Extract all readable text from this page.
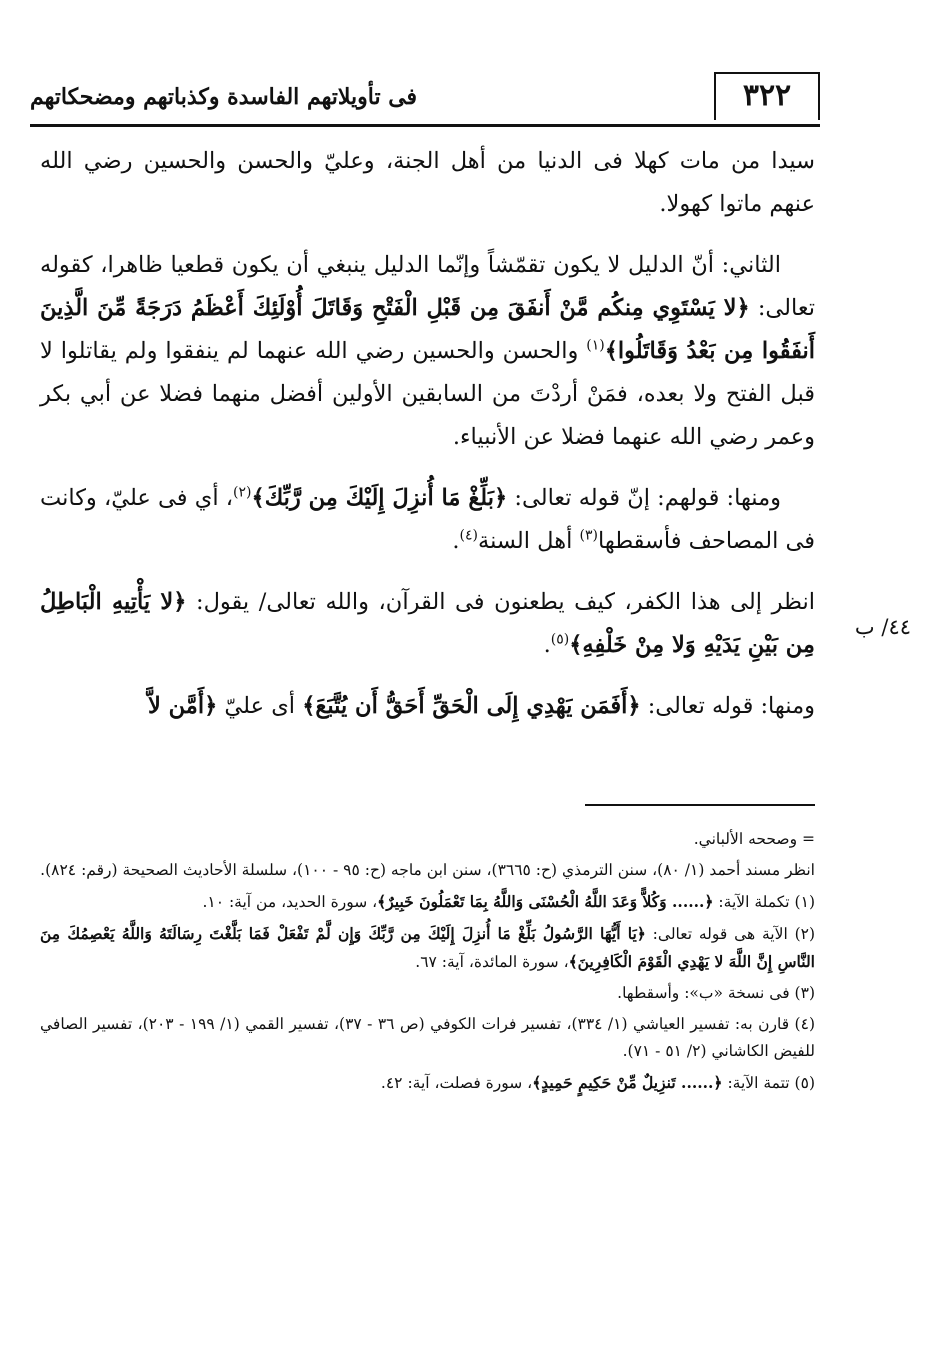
٣٢٢
فى تأويلاتهم الفاسدة وكذباتهم ومضحكاتهم

سيدا من مات كهلا فى الدنيا من أهل الجنة، وعليّ والحسن والحسين رضي الله عنهم ماتوا كهولا.

الثاني: أنّ الدليل لا يكون تقمّشاً وإنّما الدليل ينبغي أن يكون قطعيا ظاهرا، كقوله تعالى: ﴿لا يَسْتَوِي مِنكُم مَّنْ أَنفَقَ مِن قَبْلِ الْفَتْحِ وَقَاتَلَ أُوْلَئِكَ أَعْظَمُ دَرَجَةً مِّنَ الَّذِينَ أَنفَقُوا مِن بَعْدُ وَقَاتَلُوا﴾$^{(١)}$ والحسن والحسين رضي الله عنهما لم ينفقوا ولم يقاتلوا لا قبل الفتح ولا بعده، فمَنْ أردْتَ من السابقين الأولين أفضل منهما فضلا عن أبي بكر وعمر رضي الله عنهما فضلا عن الأنبياء.

ومنها: قولهم: إنّ قوله تعالى: ﴿بَلِّغْ مَا أُنزِلَ إِلَيْكَ مِن رَّبِّكَ﴾$^{(٢)}$، أي فى عليّ، وكانت فى المصاحف فأسقطها$^{(٣)}$ أهل السنة$^{(٤)}$.

انظر إلى هذا الكفر، كيف يطعنون فى القرآن، والله تعالى/ يقول: ﴿لا يَأْتِيهِ الْبَاطِلُ مِن بَيْنِ يَدَيْهِ وَلا مِنْ خَلْفِهِ﴾$^{(٥)}$.

ومنها: قوله تعالى: ﴿أَفَمَن يَهْدِي إِلَى الْحَقِّ أَحَقُّ أَن يُتَّبَعَ﴾ أى عليّ ﴿أَمَّن لاَّ

٤٤/ ب

= وصححه الألباني.

انظر مسند أحمد (١/ ٨٠)، سنن الترمذي (ح: ٣٦٦٥)، سنن ابن ماجه (ح: ٩٥ - ١٠٠)، سلسلة الأحاديث الصحيحة (رقم: ٨٢٤).

(١) تكملة الآية: ﴿...... وَكُلاًّ وَعَدَ اللَّهُ الْحُسْنَى وَاللَّهُ بِمَا تَعْمَلُونَ خَبِيرٌ﴾، سورة الحديد، من آية: ١٠.

(٢) الآية هى قوله تعالى: ﴿يَا أَيُّهَا الرَّسُولُ بَلِّغْ مَا أُنزِلَ إِلَيْكَ مِن رَّبِّكَ وَإِن لَّمْ تَفْعَلْ فَمَا بَلَّغْتَ رِسَالَتَهُ وَاللَّهُ يَعْصِمُكَ مِنَ النَّاسِ إِنَّ اللَّهَ لا يَهْدِي الْقَوْمَ الْكَافِرِينَ﴾، سورة المائدة، آية: ٦٧.

(٣) فى نسخة «ب»: وأسقطها.

(٤) قارن به: تفسير العياشي (١/ ٣٣٤)، تفسير فرات الكوفي (ص ٣٦ - ٣٧)، تفسير القمي (١/ ١٩٩ - ٢٠٣)، تفسير الصافي للفيض الكاشاني (٢/ ٥١ - ٧١).

(٥) تتمة الآية: ﴿...... تَنزِيلٌ مِّنْ حَكِيمٍ حَمِيدٍ﴾، سورة فصلت، آية: ٤٢.
